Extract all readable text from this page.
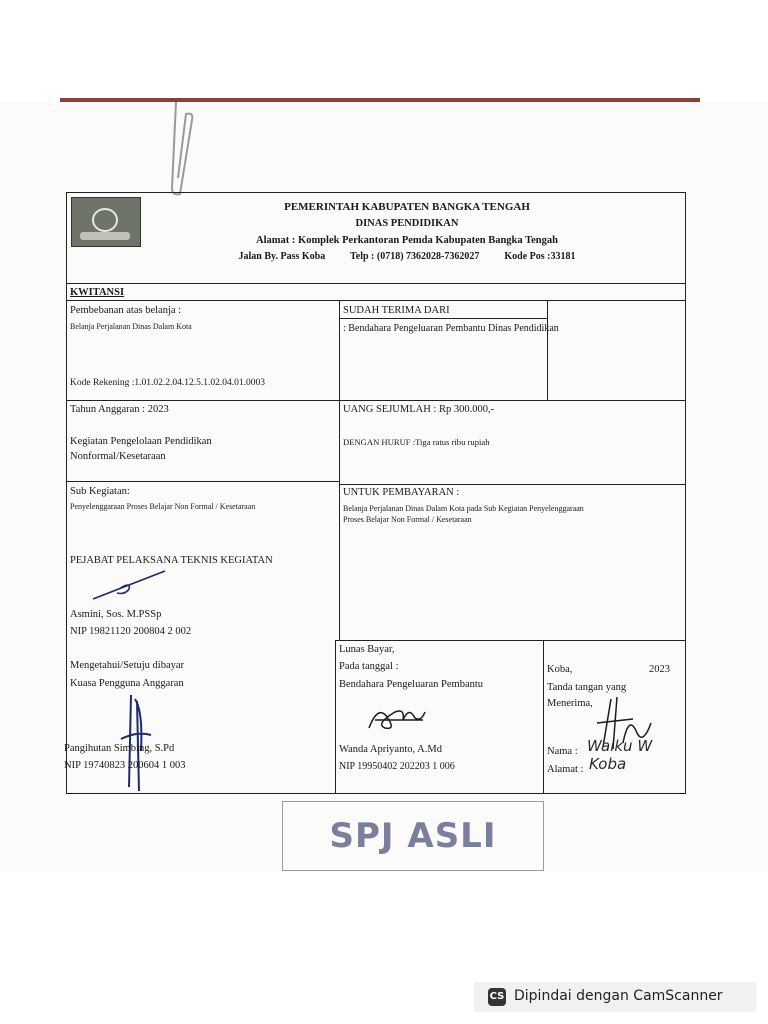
PEMERINTAH KABUPATEN BANGKA TENGAH
DINAS PENDIDIKAN
Alamat : Komplek Perkantoran Pemda Kabupaten Bangka Tengah
Jalan By. Pass Koba          Telp : (0718) 7362028-7362027          Kode Pos :33181
KWITANSI
Pembebanan atas belanja :
Belanja Perjalanan Dinas Dalam Kota
Kode Rekening :1.01.02.2.04.12.5.1.02.04.01.0003
Tahun Anggaran : 2023
Kegiatan Pengelolaan Pendidikan
Nonformal/Kesetaraan
Sub Kegiatan:
Penyelenggaraan Proses Belajar Non Formal / Kesetaraan
PEJABAT PELAKSANA TEKNIS KEGIATAN
Asmini, Sos. M.PSSp
NIP 19821120 200804 2 002
Mengetahui/Setuju dibayar
Kuasa Pengguna Anggaran
Pangihutan Simbing, S.Pd
NIP 19740823 200604 1 003
SUDAH TERIMA DARI
: Bendahara Pengeluaran Pembantu Dinas Pendidikan
UANG SEJUMLAH : Rp 300.000,-
DENGAN HURUF :Tiga ratus ribu rupiah
UNTUK PEMBAYARAN :
Belanja Perjalanan Dinas Dalam Kota pada Sub Kegiatan Penyelenggaraan
Proses Belajar Non Formal / Kesetaraan
Lunas Bayar,
Pada tanggal :
Bendahara Pengeluaran Pembantu
Wanda Apriyanto, A.Md
NIP 19950402 202203 1 006
Koba,	2023
Tanda tangan yang
Menerima,
Nama : Waiku W
Alamat : Koba
SPJ ASLI
CS Dipindai dengan CamScanner
